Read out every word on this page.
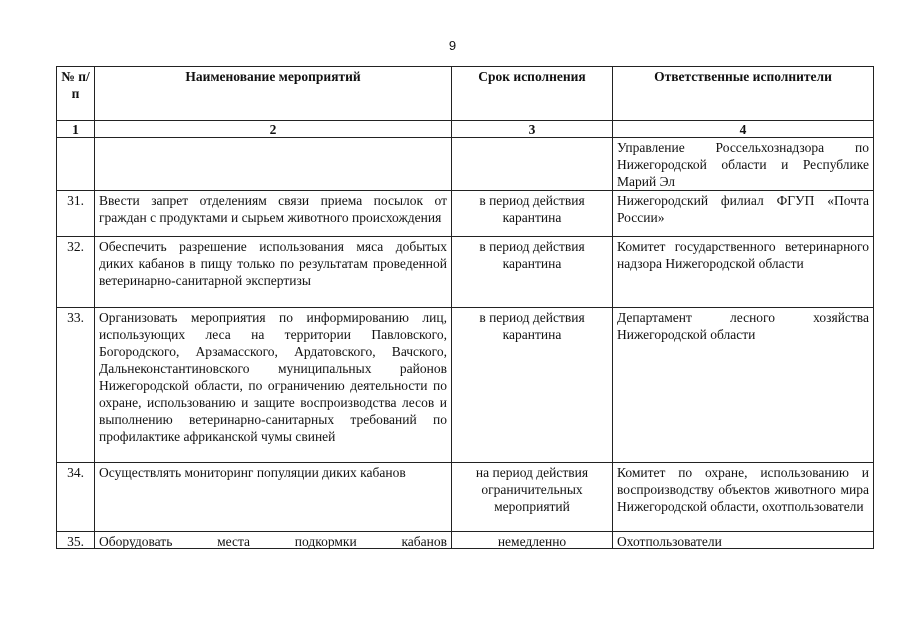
9
№ п/п	Наименование мероприятий	Срок исполнения	Ответственные исполнители
1	2	3	4
			Управление Россельхознадзора по Нижегородской области и Республике Марий Эл
31.	Ввести запрет отделениям связи приема посылок от граждан с продуктами и сырьем животного происхождения	в период действия карантина	Нижегородский филиал ФГУП «Почта России»
32.	Обеспечить разрешение использования мяса добытых диких кабанов в пищу только по результатам проведенной ветеринарно-санитарной экспертизы	в период действия карантина	Комитет государственного ветеринарного надзора Нижегородской области
33.	Организовать мероприятия по информированию лиц, использующих леса на территории Павловского, Богородского, Арзамасского, Ардатовского, Вачского, Дальнеконстантиновского муниципальных районов Нижегородской области, по ограничению деятельности по охране, использованию и защите воспроизводства лесов и выполнению ветеринарно-санитарных требований по профилактике африканской чумы свиней	в период действия карантина	Департамент лесного хозяйства Нижегородской области
34.	Осуществлять мониторинг популяции диких кабанов	на период действия ограничительных мероприятий	Комитет по охране, использованию и воспроизводству объектов животного мира Нижегородской области, охотпользователи

35.	Оборудовать места подкормки кабанов	немедленно	Охотпользователи
